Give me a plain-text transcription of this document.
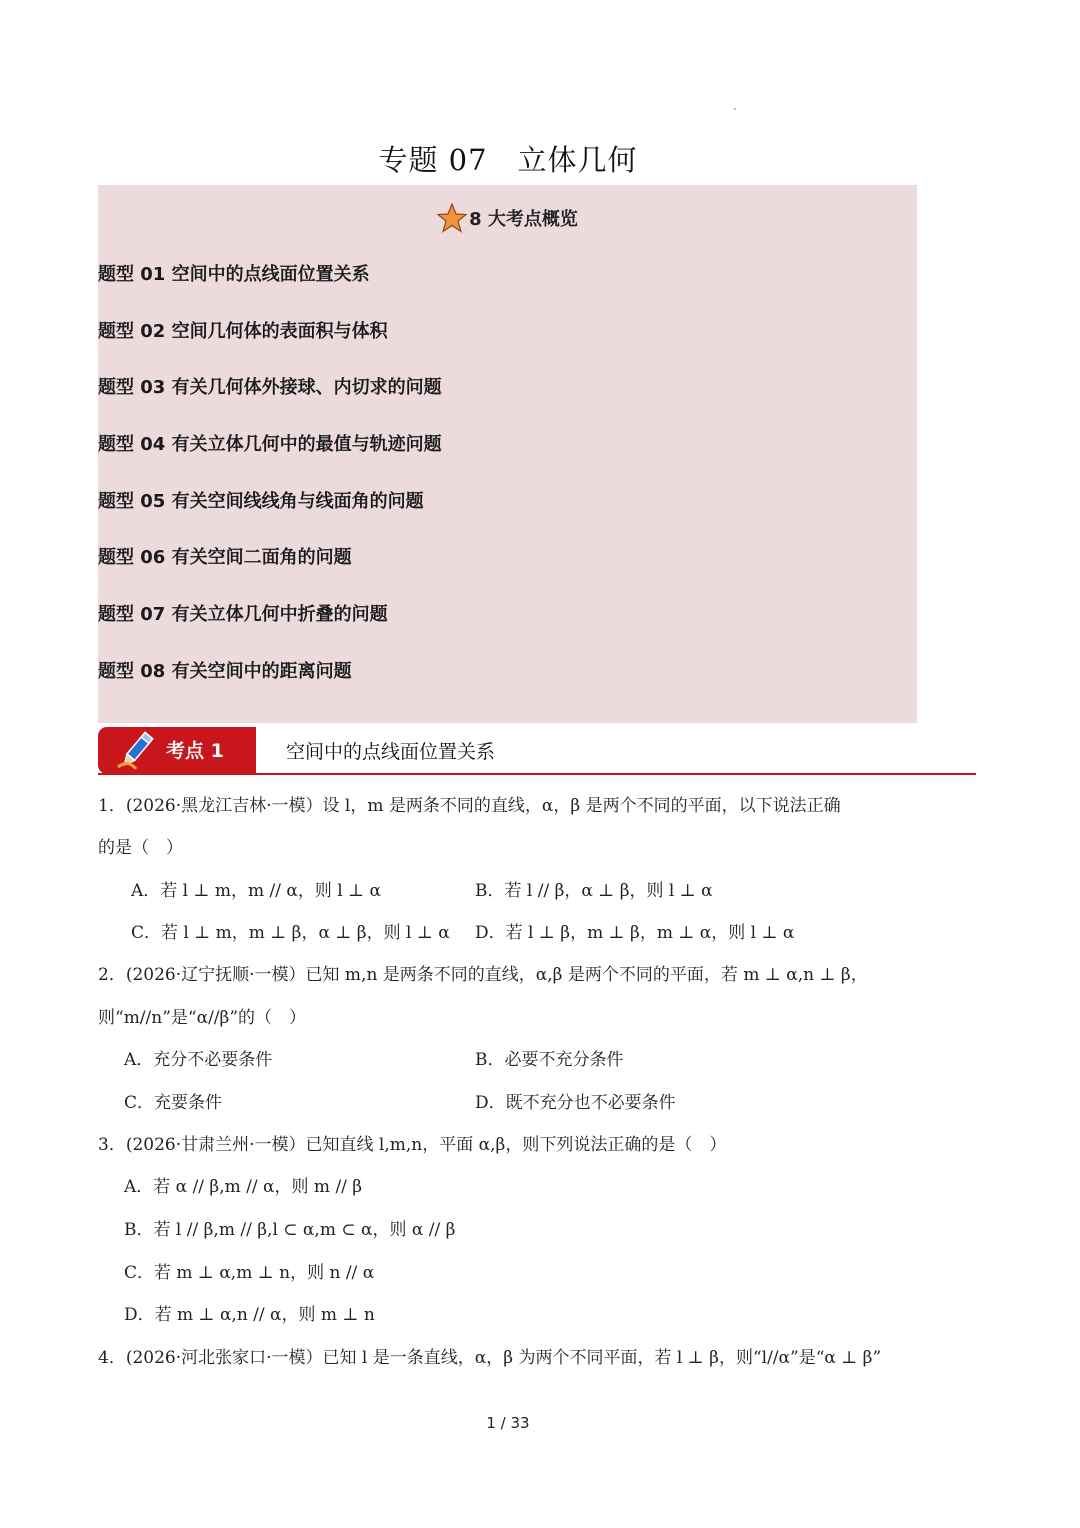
专题 07　立体几何
8 大考点概览
题型 01 空间中的点线面位置关系
题型 02 空间几何体的表面积与体积
题型 03 有关几何体外接球、内切求的问题
题型 04 有关立体几何中的最值与轨迹问题
题型 05 有关空间线线角与线面角的问题
题型 06 有关空间二面角的问题
题型 07 有关立体几何中折叠的问题
题型 08 有关空间中的距离问题
考点 1	空间中的点线面位置关系
1．(2026·黑龙江吉林·一模）设 l，m 是两条不同的直线，α，β 是两个不同的平面，以下说法正确
的是（　）
A．若 l ⊥ m，m // α，则 l ⊥ α	B．若 l // β，α ⊥ β，则 l ⊥ α
C．若 l ⊥ m，m ⊥ β，α ⊥ β，则 l ⊥ α D．若 l ⊥ β，m ⊥ β，m ⊥ α，则 l ⊥ α
2．(2026·辽宁抚顺·一模）已知 m,n 是两条不同的直线，α,β 是两个不同的平面，若 m ⊥ α,n ⊥ β，
则“m//n”是“α//β”的（　）
A．充分不必要条件	B．必要不充分条件
C．充要条件	D．既不充分也不必要条件
3．(2026·甘肃兰州·一模）已知直线 l,m,n，平面 α,β，则下列说法正确的是（　）
A．若 α // β,m // α，则 m // β
B．若 l // β,m // β,l ⊂ α,m ⊂ α，则 α // β
C．若 m ⊥ α,m ⊥ n，则 n // α
D．若 m ⊥ α,n // α，则 m ⊥ n
4．(2026·河北张家口·一模）已知 l 是一条直线，α，β 为两个不同平面，若 l ⊥ β，则“l//α”是“α ⊥ β”
1 / 33
